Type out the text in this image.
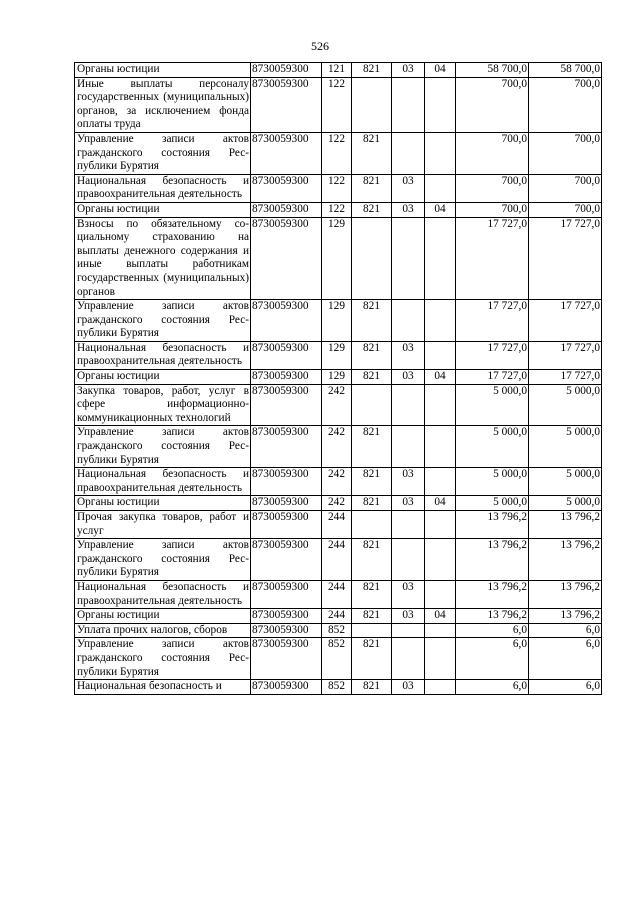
526
Органы юстиции	8730059300	121	821	03	04	58 700,0	58 700,0
Иные выплаты персоналу государственных (муниципальных) органов, за исключением фонда оплаты труда	8730059300	122				700,0	700,0
Управление записи актов гражданского состояния Республики Бурятия	8730059300	122	821			700,0	700,0
Национальная безопасность и правоохранительная деятельность	8730059300	122	821	03		700,0	700,0
Органы юстиции	8730059300	122	821	03	04	700,0	700,0
Взносы по обязательному социальному страхованию на выплаты денежного содержания и иные выплаты работникам государственных (муниципальных) органов	8730059300	129				17 727,0	17 727,0
Управление записи актов гражданского состояния Республики Бурятия	8730059300	129	821			17 727,0	17 727,0
Национальная безопасность и правоохранительная деятельность	8730059300	129	821	03		17 727,0	17 727,0
Органы юстиции	8730059300	129	821	03	04	17 727,0	17 727,0
Закупка товаров, работ, услуг в сфере информационно-коммуникационных технологий	8730059300	242				5 000,0	5 000,0
Управление записи актов гражданского состояния Республики Бурятия	8730059300	242	821			5 000,0	5 000,0
Национальная безопасность и правоохранительная деятельность	8730059300	242	821	03		5 000,0	5 000,0
Органы юстиции	8730059300	242	821	03	04	5 000,0	5 000,0
Прочая закупка товаров, работ и услуг	8730059300	244				13 796,2	13 796,2
Управление записи актов гражданского состояния Республики Бурятия	8730059300	244	821			13 796,2	13 796,2
Национальная безопасность и правоохранительная деятельность	8730059300	244	821	03		13 796,2	13 796,2
Органы юстиции	8730059300	244	821	03	04	13 796,2	13 796,2
Уплата прочих налогов, сборов	8730059300	852				6,0	6,0
Управление записи актов гражданского состояния Республики Бурятия	8730059300	852	821			6,0	6,0
Национальная безопасность и	8730059300	852	821	03		6,0	6,0
